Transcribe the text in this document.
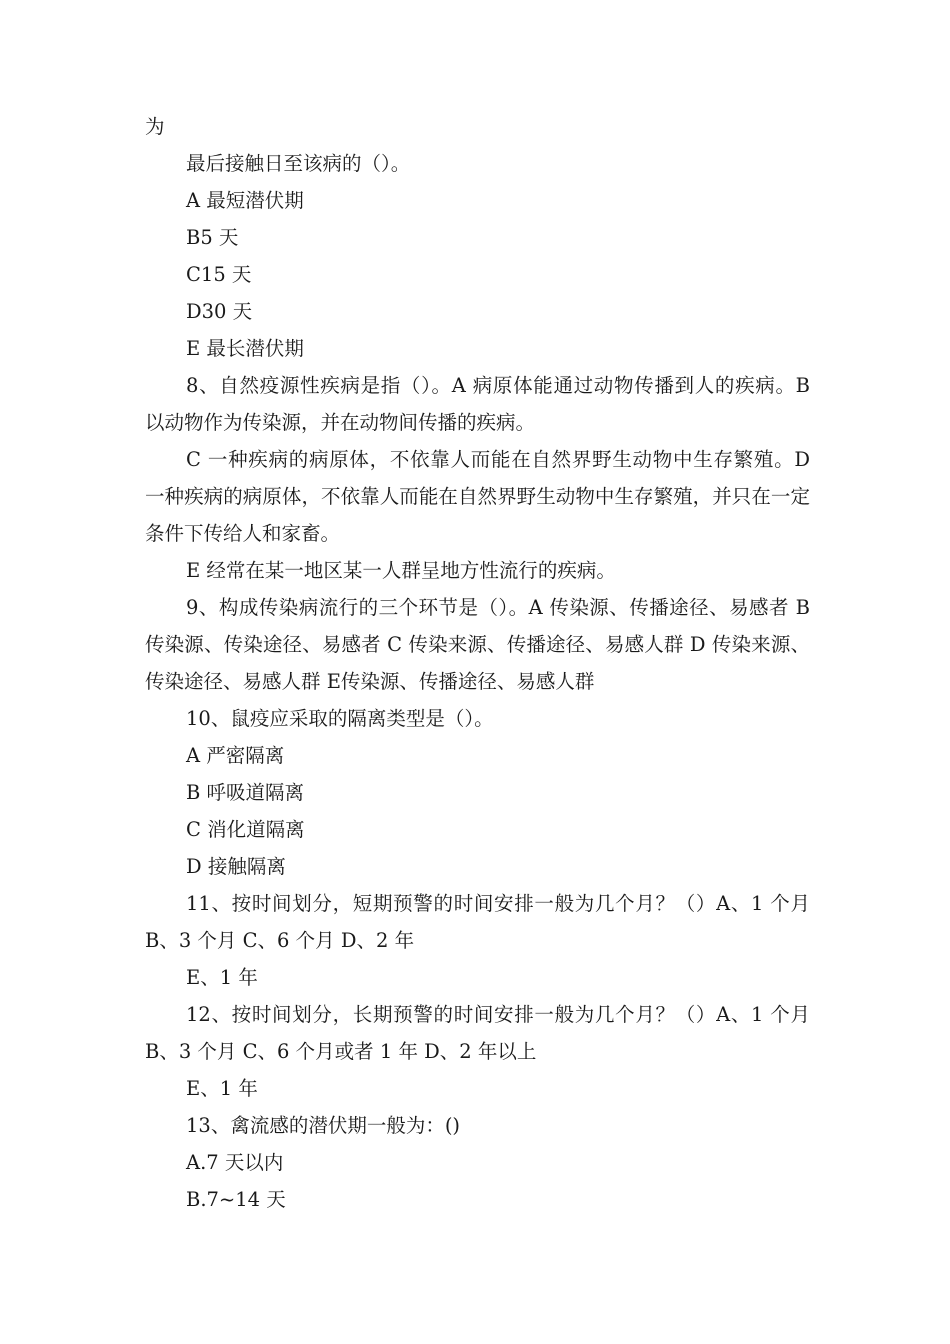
为

最后接触日至该病的（）。

A 最短潜伏期

B5 天

C15 天

D30 天

E 最长潜伏期

8、自然疫源性疾病是指（）。A 病原体能通过动物传播到人的疾病。B 以动物作为传染源，并在动物间传播的疾病。

C 一种疾病的病原体，不依靠人而能在自然界野生动物中生存繁殖。D 一种疾病的病原体，不依靠人而能在自然界野生动物中生存繁殖，并只在一定条件下传给人和家畜。

E 经常在某一地区某一人群呈地方性流行的疾病。

9、构成传染病流行的三个环节是（）。A 传染源、传播途径、易感者 B 传染源、传染途径、易感者 C 传染来源、传播途径、易感人群 D 传染来源、传染途径、易感人群 E传染源、传播途径、易感人群

10、鼠疫应采取的隔离类型是（）。

A 严密隔离

B 呼吸道隔离

C 消化道隔离

D 接触隔离

11、按时间划分，短期预警的时间安排一般为几个月？（）A、1 个月 B、3 个月 C、6 个月 D、2 年

E、1 年

12、按时间划分，长期预警的时间安排一般为几个月？（）A、1 个月 B、3 个月 C、6 个月或者 1 年 D、2 年以上

E、1 年

13、禽流感的潜伏期一般为：()

A.7 天以内

B.7~14 天
